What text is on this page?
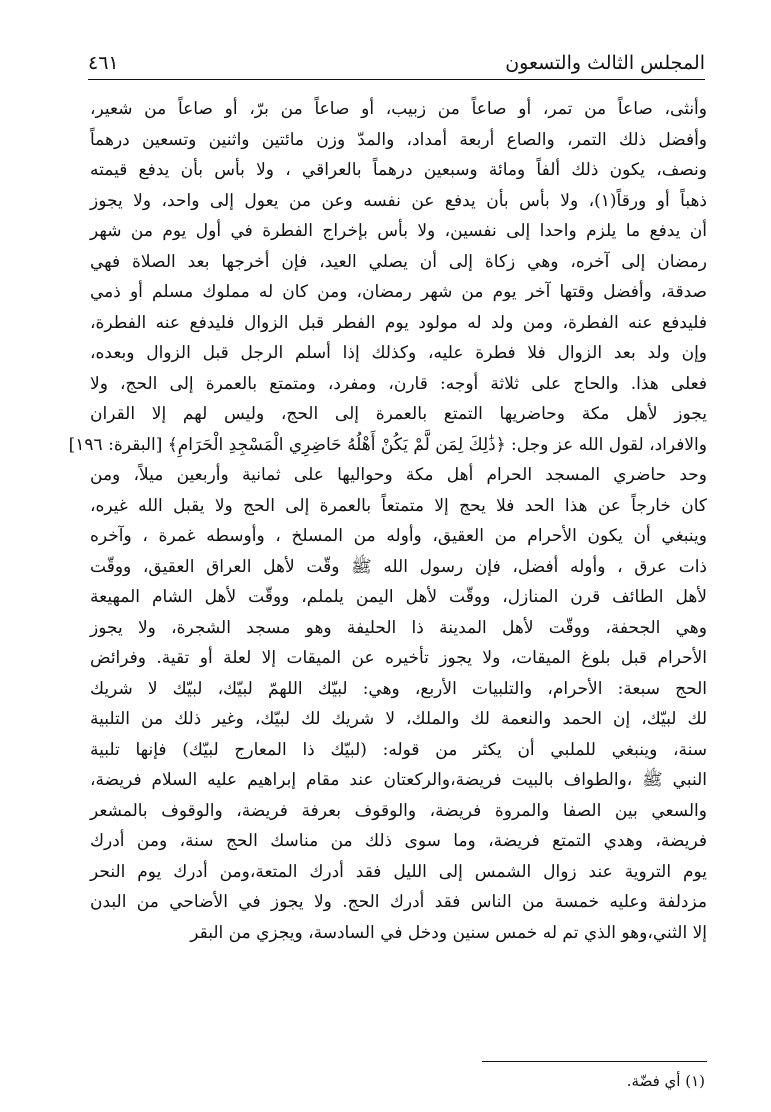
المجلس الثالث والتسعون
٤٦١
وأنثى، صاعاً من تمر، أو صاعاً من زبيب، أو صاعاً من برّ، أو صاعاً من شعير،
وأفضل ذلك التمر، والصاع أربعة أمداد، والمدّ وزن مائتين واثنين وتسعين درهماً
ونصف، يكون ذلك ألفاً ومائة وسبعين درهماً بالعراقي ، ولا بأس بأن يدفع قيمته
ذهباً أو ورقاً(١)، ولا بأس بأن يدفع عن نفسه وعن من يعول إلى واحد، ولا يجوز
أن يدفع ما يلزم واحدا إلى نفسين، ولا بأس بإخراج الفطرة في أول يوم من شهر
رمضان إلى آخره، وهي زكاة إلى أن يصلي العيد، فإن أخرجها بعد الصلاة فهي
صدقة، وأفضل وقتها آخر يوم من شهر رمضان، ومن كان له مملوك مسلم أو ذمي
فليدفع عنه الفطرة، ومن ولد له مولود يوم الفطر قبل الزوال فليدفع عنه الفطرة،
وإن ولد بعد الزوال فلا فطرة عليه، وكذلك إذا أسلم الرجل قبل الزوال وبعده،
فعلى هذا. والحاج على ثلاثة أوجه: قارن، ومفرد، ومتمتع بالعمرة إلى الحج، ولا
يجوز لأهل مكة وحاضريها التمتع بالعمرة إلى الحج، وليس لهم إلا القران
والافراد، لقول الله عز وجل: ﴿ذَٰلِكَ لِمَن لَّمْ يَكُنْ أَهْلُهُ حَاضِرِي الْمَسْجِدِ الْحَرَامِ﴾ [البقرة: ١٩٦]
وحد حاضري المسجد الحرام أهل مكة وحواليها على ثمانية وأربعين ميلاً، ومن
كان خارجاً عن هذا الحد فلا يحج إلا متمتعاً بالعمرة إلى الحج ولا يقبل الله غيره،
وينبغي أن يكون الأحرام من العقيق، وأوله من المسلخ ، وأوسطه غمرة ، وآخره
ذات عرق ، وأوله أفضل، فإن رسول الله ﷺ وقّت لأهل العراق العقيق، ووقّت
لأهل الطائف قرن المنازل، ووقّت لأهل اليمن يلملم، ووقّت لأهل الشام المهيعة
وهي الجحفة، ووقّت لأهل المدينة ذا الحليفة وهو مسجد الشجرة، ولا يجوز
الأحرام قبل بلوغ الميقات، ولا يجوز تأخيره عن الميقات إلا لعلة أو تقية. وفرائض
الحج سبعة: الأحرام، والتلبيات الأربع، وهي: لبيّك اللهمّ لبيّك، لبيّك لا شريك
لك لبيّك، إن الحمد والنعمة لك والملك، لا شريك لك لبيّك، وغير ذلك من التلبية
سنة، وينبغي للملبي أن يكثر من قوله: (لبيّك ذا المعارج لبيّك) فإنها تلبية
النبي ﷺ ،والطواف بالبيت فريضة،والركعتان عند مقام إبراهيم عليه السلام فريضة،
والسعي بين الصفا والمروة فريضة، والوقوف بعرفة فريضة، والوقوف بالمشعر
فريضة، وهدي التمتع فريضة، وما سوى ذلك من مناسك الحج سنة، ومن أدرك
يوم التروية عند زوال الشمس إلى الليل فقد أدرك المتعة،ومن أدرك يوم النحر
مزدلفة وعليه خمسة من الناس فقد أدرك الحج. ولا يجوز في الأضاحي من البدن
إلا الثني،وهو الذي تم له خمس سنين ودخل في السادسة، ويجزي من البقر
(١) أي فضّة.
